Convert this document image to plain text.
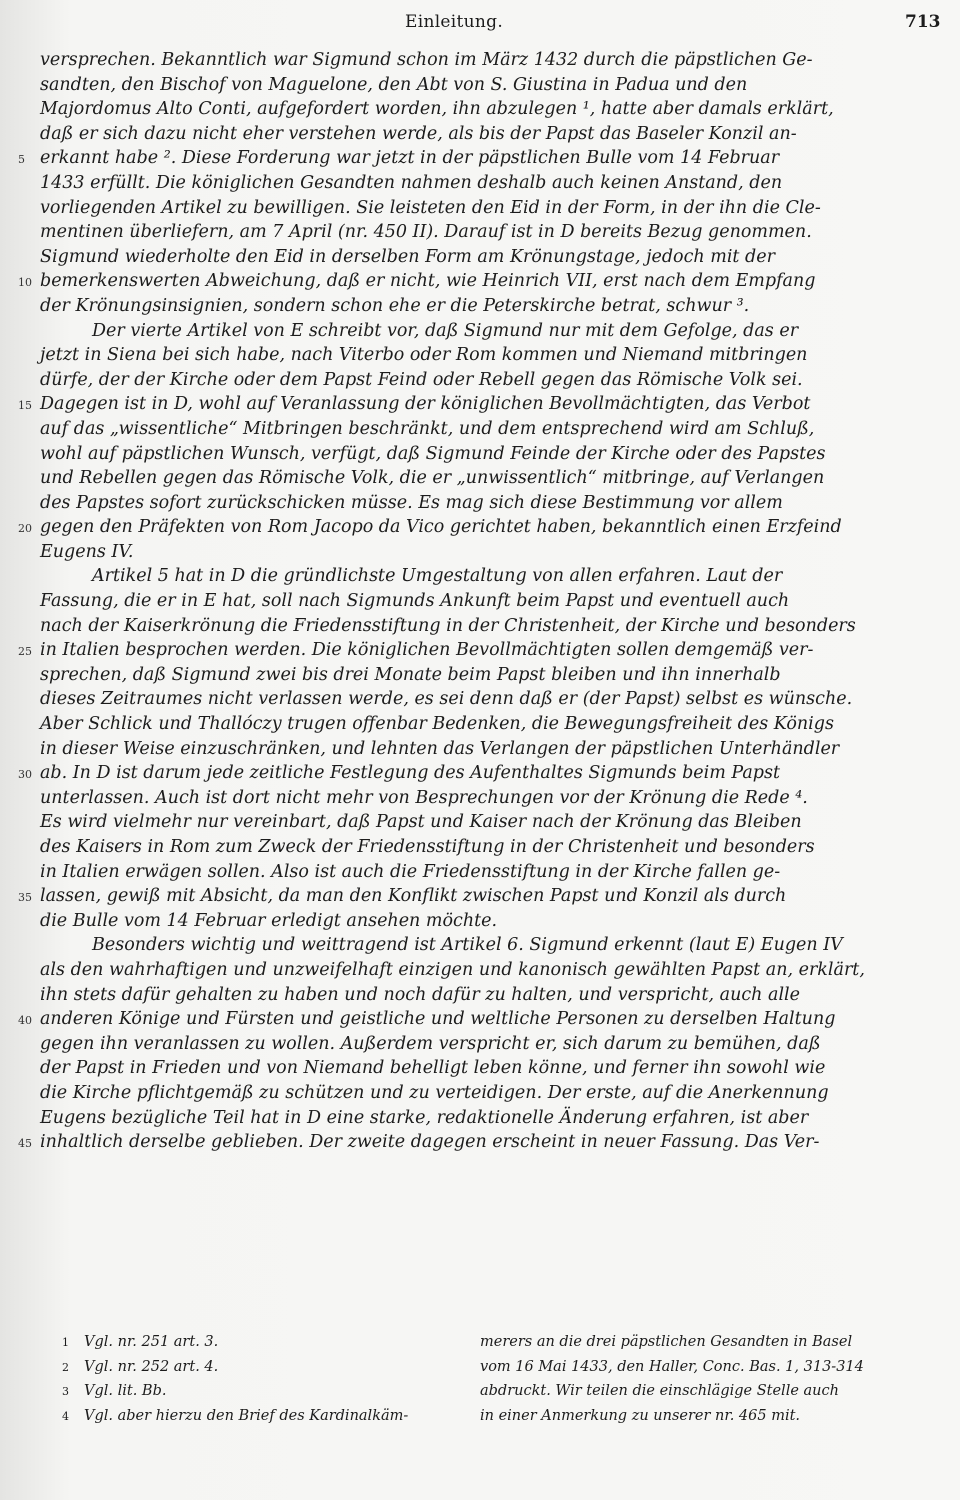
Einleitung.	713
versprechen. Bekanntlich war Sigmund schon im März 1432 durch die päpstlichen Ge-
sandten, den Bischof von Maguelone, den Abt von S. Giustina in Padua und den
Majordomus Alto Conti, aufgefordert worden, ihn abzulegen ¹, hatte aber damals erklärt,
daß er sich dazu nicht eher verstehen werde, als bis der Papst das Baseler Konzil an-
5 erkannt habe ². Diese Forderung war jetzt in der päpstlichen Bulle vom 14 Februar
1433 erfüllt. Die königlichen Gesandten nahmen deshalb auch keinen Anstand, den
vorliegenden Artikel zu bewilligen. Sie leisteten den Eid in der Form, in der ihn die Cle-
mentinen überliefern, am 7 April (nr. 450 II). Darauf ist in D bereits Bezug genommen.
Sigmund wiederholte den Eid in derselben Form am Krönungstage, jedoch mit der
10 bemerkenswerten Abweichung, daß er nicht, wie Heinrich VII, erst nach dem Empfang
der Krönungsinsignien, sondern schon ehe er die Peterskirche betrat, schwur ³.
Der vierte Artikel von E schreibt vor, daß Sigmund nur mit dem Gefolge, das er
jetzt in Siena bei sich habe, nach Viterbo oder Rom kommen und Niemand mitbringen
dürfe, der der Kirche oder dem Papst Feind oder Rebell gegen das Römische Volk sei.
15 Dagegen ist in D, wohl auf Veranlassung der königlichen Bevollmächtigten, das Verbot
auf das „wissentliche“ Mitbringen beschränkt, und dem entsprechend wird am Schluß,
wohl auf päpstlichen Wunsch, verfügt, daß Sigmund Feinde der Kirche oder des Papstes
und Rebellen gegen das Römische Volk, die er „unwissentlich“ mitbringe, auf Verlangen
des Papstes sofort zurückschicken müsse. Es mag sich diese Bestimmung vor allem
20 gegen den Präfekten von Rom Jacopo da Vico gerichtet haben, bekanntlich einen Erzfeind
Eugens IV.
Artikel 5 hat in D die gründlichste Umgestaltung von allen erfahren. Laut der
Fassung, die er in E hat, soll nach Sigmunds Ankunft beim Papst und eventuell auch
nach der Kaiserkrönung die Friedensstiftung in der Christenheit, der Kirche und besonders
25 in Italien besprochen werden. Die königlichen Bevollmächtigten sollen demgemäß ver-
sprechen, daß Sigmund zwei bis drei Monate beim Papst bleiben und ihn innerhalb
dieses Zeitraumes nicht verlassen werde, es sei denn daß er (der Papst) selbst es wünsche.
Aber Schlick und Thallóczy trugen offenbar Bedenken, die Bewegungsfreiheit des Königs
in dieser Weise einzuschränken, und lehnten das Verlangen der päpstlichen Unterhändler
30 ab. In D ist darum jede zeitliche Festlegung des Aufenthaltes Sigmunds beim Papst
unterlassen. Auch ist dort nicht mehr von Besprechungen vor der Krönung die Rede ⁴.
Es wird vielmehr nur vereinbart, daß Papst und Kaiser nach der Krönung das Bleiben
des Kaisers in Rom zum Zweck der Friedensstiftung in der Christenheit und besonders
in Italien erwägen sollen. Also ist auch die Friedensstiftung in der Kirche fallen ge-
35 lassen, gewiß mit Absicht, da man den Konflikt zwischen Papst und Konzil als durch
die Bulle vom 14 Februar erledigt ansehen möchte.
Besonders wichtig und weittragend ist Artikel 6. Sigmund erkennt (laut E) Eugen IV
als den wahrhaftigen und unzweifelhaft einzigen und kanonisch gewählten Papst an, erklärt,
ihn stets dafür gehalten zu haben und noch dafür zu halten, und verspricht, auch alle
40 anderen Könige und Fürsten und geistliche und weltliche Personen zu derselben Haltung
gegen ihn veranlassen zu wollen. Außerdem verspricht er, sich darum zu bemühen, daß
der Papst in Frieden und von Niemand behelligt leben könne, und ferner ihn sowohl wie
die Kirche pflichtgemäß zu schützen und zu verteidigen. Der erste, auf die Anerkennung
Eugens bezügliche Teil hat in D eine starke, redaktionelle Änderung erfahren, ist aber
45 inhaltlich derselbe geblieben. Der zweite dagegen erscheint in neuer Fassung. Das Ver-
1 Vgl. nr. 251 art. 3.
2 Vgl. nr. 252 art. 4.
3 Vgl. lit. Bb.
4 Vgl. aber hierzu den Brief des Kardinalkäm-
merers an die drei päpstlichen Gesandten in Basel
vom 16 Mai 1433, den Haller, Conc. Bas. 1, 313-314
abdruckt. Wir teilen die einschlägige Stelle auch
in einer Anmerkung zu unserer nr. 465 mit.
